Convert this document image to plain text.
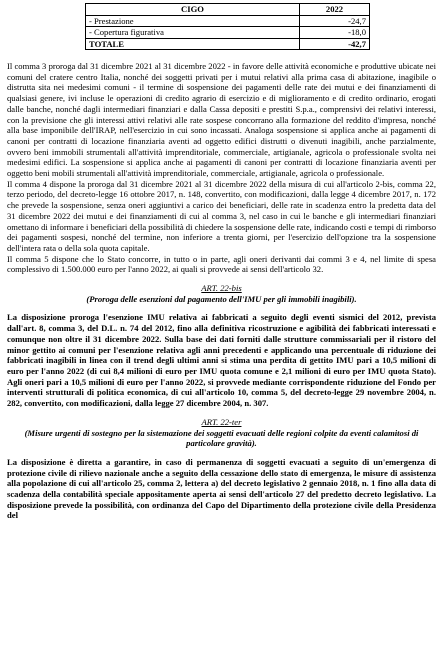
CIGO	2022
- Prestazione	-24,7
- Copertura figurativa	-18,0
TOTALE	-42,7

Il comma 3 proroga dal 31 dicembre 2021 al 31 dicembre 2022 - in favore delle attività economiche e produttive ubicate nei comuni del cratere centro Italia, nonché dei soggetti privati per i mutui relativi alla prima casa di abitazione, inagibile o distrutta sita nei medesimi comuni - il termine di sospensione dei pagamenti delle rate dei mutui e dei finanziamenti di qualsiasi genere, ivi incluse le operazioni di credito agrario di esercizio e di miglioramento e di credito ordinario, erogati dalle banche, nonché dagli intermediari finanziari e dalla Cassa depositi e prestiti S.p.a., comprensivi dei relativi interessi, con la previsione che gli interessi attivi relativi alle rate sospese concorrano alla formazione del reddito d'impresa, nonché alla base imponibile dell'IRAP, nell'esercizio in cui sono incassati. Analoga sospensione si applica anche ai pagamenti di canoni per contratti di locazione finanziaria aventi ad oggetto edifici distrutti o divenuti inagibili, anche parzialmente, ovvero beni immobili strumentali all'attività imprenditoriale, commerciale, artigianale, agricola o professionale svolta nei medesimi edifici. La sospensione si applica anche ai pagamenti di canoni per contratti di locazione finanziaria aventi per oggetto beni mobili strumentali all'attività imprenditoriale, commerciale, artigianale, agricola o professionale.

Il comma 4 dispone la proroga dal 31 dicembre 2021 al 31 dicembre 2022 della misura di cui all'articolo 2-bis, comma 22, terzo periodo, del decreto-legge 16 ottobre 2017, n. 148, convertito, con modificazioni, dalla legge 4 dicembre 2017, n. 172 che prevede la sospensione, senza oneri aggiuntivi a carico dei beneficiari, delle rate in scadenza entro la predetta data del 31 dicembre 2022 dei mutui e dei finanziamenti di cui al comma 3, nel caso in cui le banche e gli intermediari finanziari omettano di informare i beneficiari della possibilità di chiedere la sospensione delle rate, indicando costi e tempi di rimborso dei pagamenti sospesi, nonché del termine, non inferiore a trenta giorni, per l'esercizio dell'opzione tra la sospensione dell'intera rata o della sola quota capitale.

Il comma 5 dispone che lo Stato concorre, in tutto o in parte, agli oneri derivanti dai commi 3 e 4, nel limite di spesa complessivo di 1.500.000 euro per l'anno 2022, ai quali si provvede ai sensi dell'articolo 32.

ART. 22-bis
(Proroga delle esenzioni dal pagamento dell'IMU per gli immobili inagibili).
La disposizione proroga l'esenzione IMU relativa ai fabbricati a seguito degli eventi sismici del 2012, prevista dall'art. 8, comma 3, del D.L. n. 74 del 2012, fino alla definitiva ricostruzione e agibilità dei fabbricati interessati e comunque non oltre il 31 dicembre 2022. Sulla base dei dati forniti dalle strutture commissariali per il ristoro del minor gettito ai comuni per l'esenzione relativa agli anni precedenti e applicando una percentuale di riduzione dei fabbricati inagibili in linea con il trend degli ultimi anni si stima una perdita di gettito IMU pari a 10,5 milioni di euro per l'anno 2022 (di cui 8,4 milioni di euro per IMU quota comune e 2,1 milioni di euro per IMU quota Stato). Agli oneri pari a 10,5 milioni di euro per l'anno 2022, si provvede mediante corrispondente riduzione del Fondo per interventi strutturali di politica economica, di cui all'articolo 10, comma 5, del decreto-legge 29 novembre 2004, n. 282, convertito, con modificazioni, dalla legge 27 dicembre 2004, n. 307.
ART. 22-ter
(Misure urgenti di sostegno per la sistemazione dei soggetti evacuati delle regioni colpite da eventi calamitosi di particolare gravità).
La disposizione è diretta a garantire, in caso di permanenza di soggetti evacuati a seguito di un'emergenza di protezione civile di rilievo nazionale anche a seguito della cessazione dello stato di emergenza, le misure di assistenza alla popolazione di cui all'articolo 25, comma 2, lettera a) del decreto legislativo 2 gennaio 2018, n. 1 fino alla data di scadenza della contabilità speciale appositamente aperta ai sensi dell'articolo 27 del predetto decreto legislativo. La disposizione prevede la possibilità, con ordinanza del Capo del Dipartimento della protezione civile della Presidenza del
